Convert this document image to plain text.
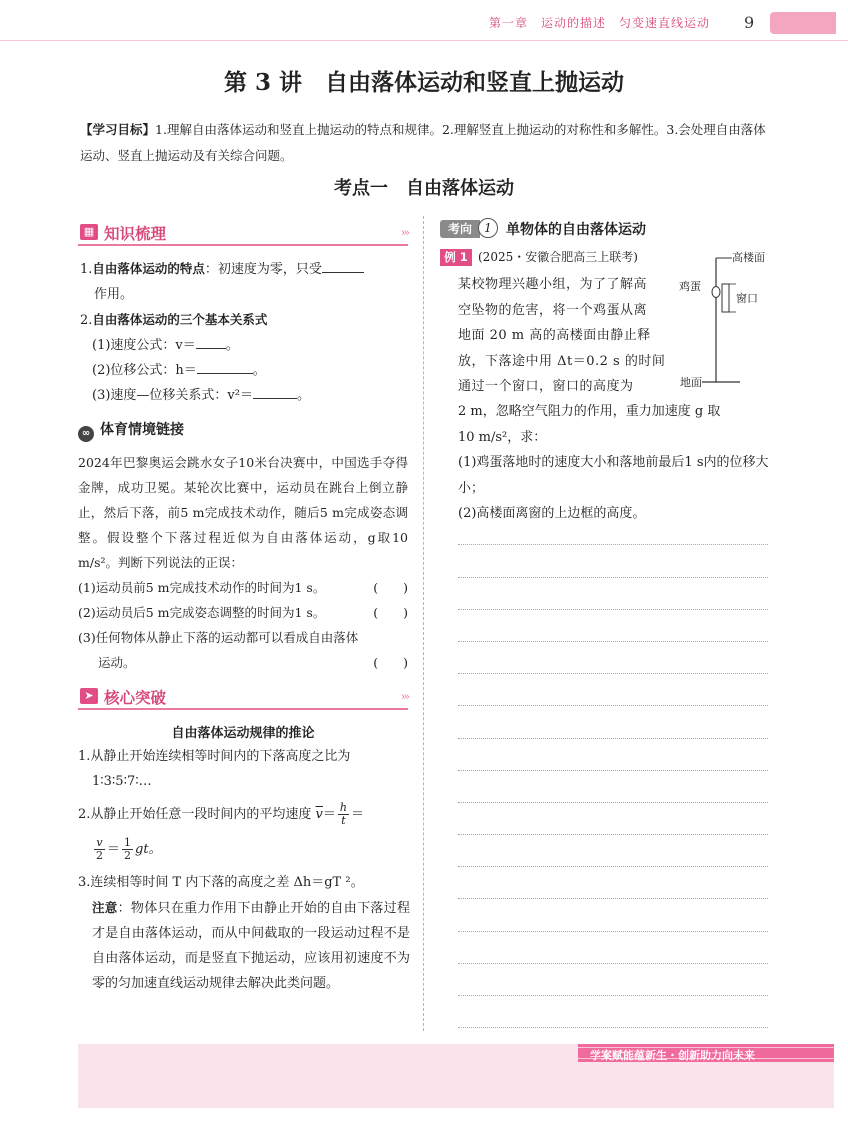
第一章　运动的描述　匀变速直线运动 9
第 3 讲　自由落体运动和竖直上抛运动
【学习目标】1.理解自由落体运动和竖直上抛运动的特点和规律。2.理解竖直上抛运动的对称性和多解性。3.会处理自由落体运动、竖直上抛运动及有关综合问题。
考点一　自由落体运动
▦ 知识梳理	›››
1.自由落体运动的特点：初速度为零，只受
作用。
2.自由落体运动的三个基本关系式
(1)速度公式：v＝ 。
(2)位移公式：h＝	。
(3)速度—位移关系式：v²＝	。
∞ 体育情境链接
2024年巴黎奥运会跳水女子10米台决赛中，中国选手夺得金牌，成功卫冕。某轮次比赛中，运动员在跳台上倒立静止，然后下落，前5 m完成技术动作，随后5 m完成姿态调整。假设整个下落过程近似为自由落体运动，g取10 m/s²。判断下列说法的正误：
(1)运动员前5 m完成技术动作的时间为1 s。	(　　)
(2)运动员后5 m完成姿态调整的时间为1 s。	(　　)
(3)任何物体从静止下落的运动都可以看成自由落体
运动。	(　　)
➤ 核心突破	›››
自由落体运动规律的推论
1.从静止开始连续相等时间内的下落高度之比为
1∶3∶5∶7∶…
2.从静止开始任意一段时间内的平均速度 $\overline{v}= \frac{h}{t}$ ＝
$\frac{v}{2} = \frac{1}{2}$ gt。
3.连续相等时间 T 内下落的高度之差 Δh＝gT ²。
注意：物体只在重力作用下由静止开始的自由下落过程才是自由落体运动，而从中间截取的一段运动过程不是自由落体运动，而是竖直下抛运动，应该用初速度不为零的匀加速直线运动规律去解决此类问题。
考向	1	单物体的自由落体运动
例 1 (2025・安徽合肥高三上联考)
某校物理兴趣小组，为了了解高
空坠物的危害，将一个鸡蛋从离
地面 20 m 高的高楼面由静止释
放，下落途中用 Δt＝0.2 s 的时间
通过一个窗口，窗口的高度为
2 m，忽略空气阻力的作用，重力加速度 g 取
10 m/s²，求：
(1)鸡蛋落地时的速度大小和落地前最后1 s内的位移大小；
(2)高楼面离窗的上边框的高度。
高楼面
鸡蛋
窗口
地面
学案赋能蕴新生・创新助力向未来
